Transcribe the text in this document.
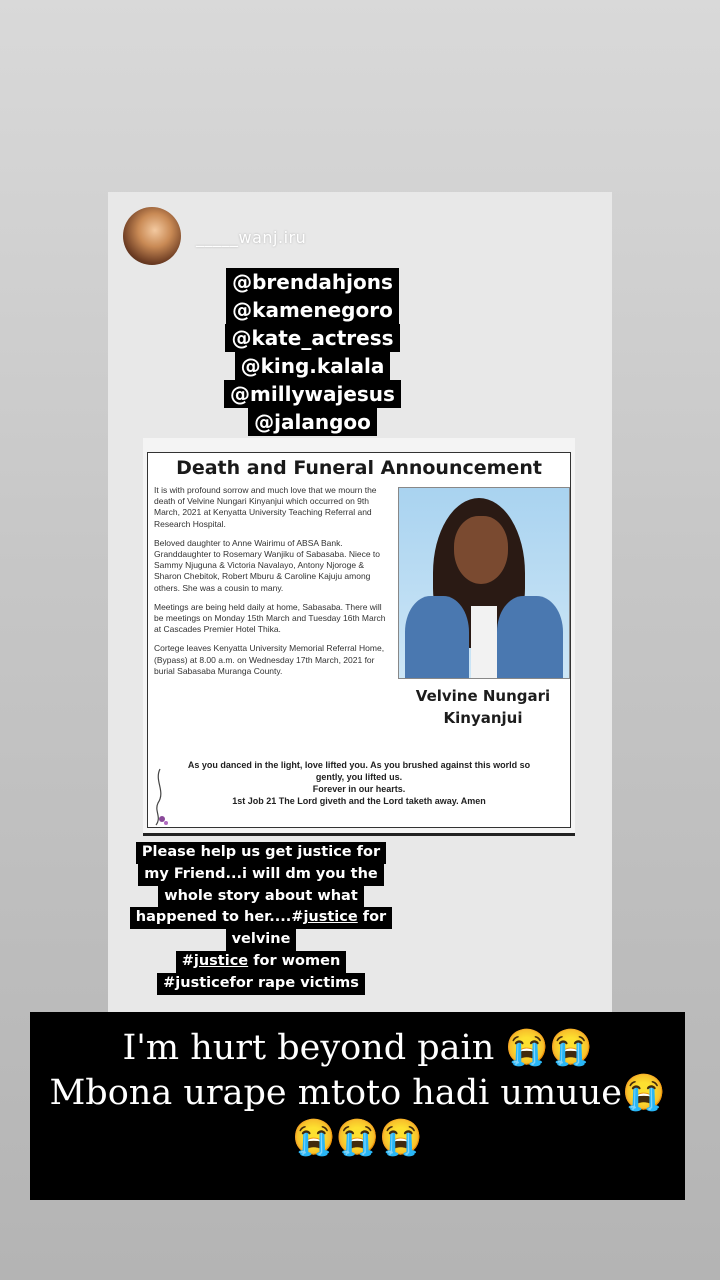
_____wanj.iru
@brendahjons
@kamenegoro
@kate_actress
@king.kalala
@millywajesus
@jalangoo
Death and Funeral Announcement

It is with profound sorrow and much love that we mourn the death of Velvine Nungari Kinyanjui which occurred on 9th March, 2021 at Kenyatta University Teaching Referral and Research Hospital.

Beloved daughter to Anne Wairimu of ABSA Bank. Granddaughter to Rosemary Wanjiku of Sabasaba. Niece to Sammy Njuguna & Victoria Navalayo, Antony Njoroge & Sharon Chebitok, Robert Mburu & Caroline Kajuju among others. She was a cousin to many.

Meetings are being held daily at home, Sabasaba. There will be meetings on Monday 15th March and Tuesday 16th March at Cascades Premier Hotel Thika.

Cortege leaves Kenyatta University Memorial Referral Home, (Bypass) at 8.00 a.m. on Wednesday 17th March, 2021 for burial Sabasaba Muranga County.

Velvine Nungari
Kinyanjui
As you danced in the light, love lifted you. As you brushed against this world so
gently, you lifted us.
Forever in our hearts.
1st Job 21 The Lord giveth and the Lord taketh away. Amen
Please help us get justice for
my Friend...i will dm you the
whole story about what
happened to her....#justice for
velvine
#justice for women
#justicefor rape victims
I'm hurt beyond pain 😭😭
Mbona urape mtoto hadi umuue😭
😭😭😭
